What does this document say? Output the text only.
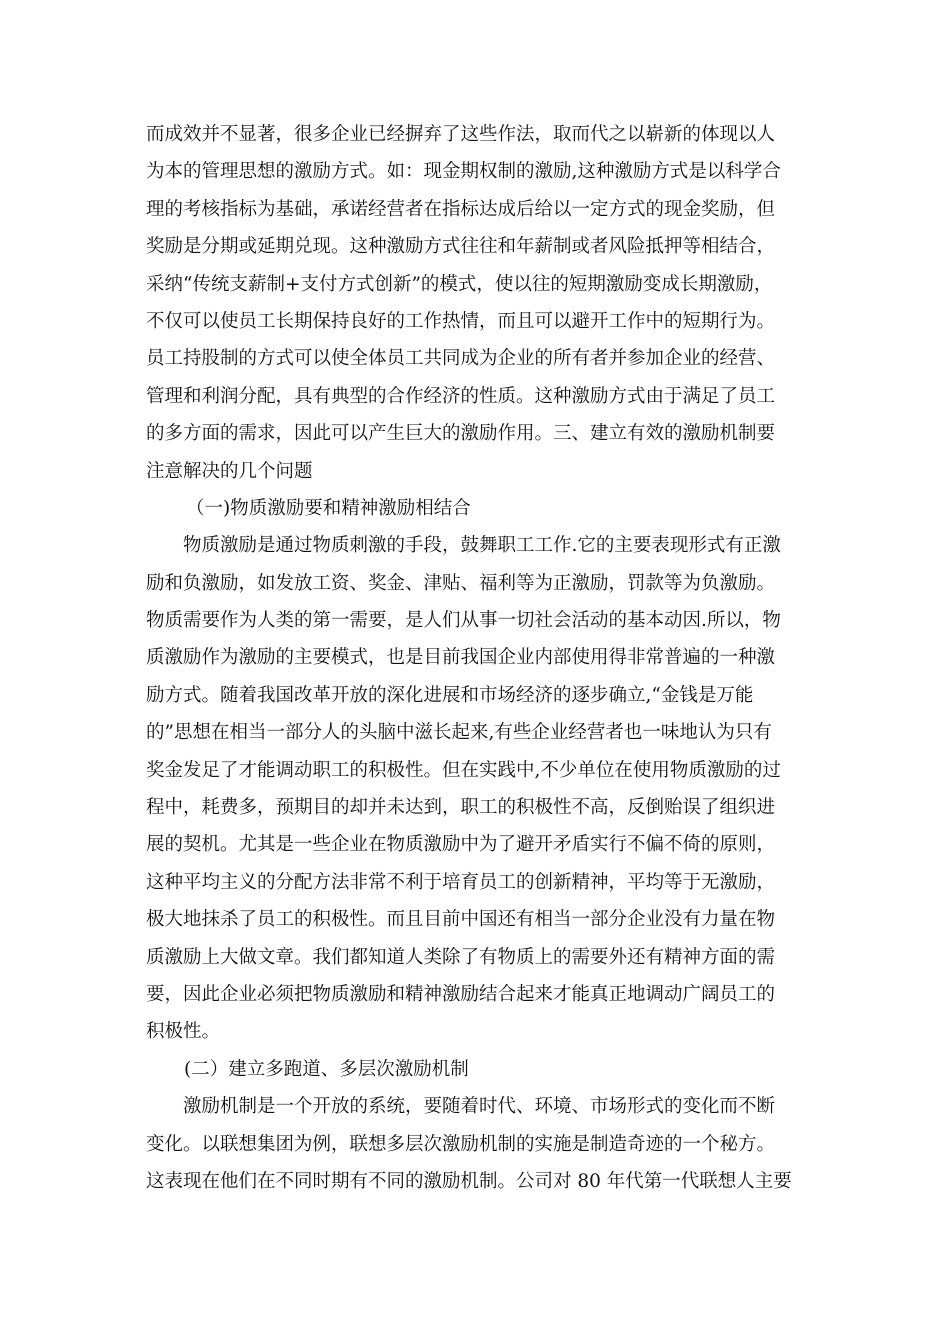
而成效并不显著，很多企业已经摒弃了这些作法，取而代之以崭新的体现以人
为本的管理思想的激励方式。如：现金期权制的激励,这种激励方式是以科学合
理的考核指标为基础，承诺经营者在指标达成后给以一定方式的现金奖励，但
奖励是分期或延期兑现。这种激励方式往往和年薪制或者风险抵押等相结合，
采纳“传统支薪制+支付方式创新”的模式，使以往的短期激励变成长期激励，
不仅可以使员工长期保持良好的工作热情，而且可以避开工作中的短期行为。
员工持股制的方式可以使全体员工共同成为企业的所有者并参加企业的经营、
管理和利润分配，具有典型的合作经济的性质。这种激励方式由于满足了员工
的多方面的需求，因此可以产生巨大的激励作用。三、建立有效的激励机制要
注意解决的几个问题
（一)物质激励要和精神激励相结合
物质激励是通过物质刺激的手段，鼓舞职工工作.它的主要表现形式有正激
励和负激励，如发放工资、奖金、津贴、福利等为正激励，罚款等为负激励。
物质需要作为人类的第一需要，是人们从事一切社会活动的基本动因.所以，物
质激励作为激励的主要模式，也是目前我国企业内部使用得非常普遍的一种激
励方式。随着我国改革开放的深化进展和市场经济的逐步确立,“金钱是万能
的”思想在相当一部分人的头脑中滋长起来,有些企业经营者也一味地认为只有
奖金发足了才能调动职工的积极性。但在实践中,不少单位在使用物质激励的过
程中，耗费多，预期目的却并未达到，职工的积极性不高，反倒贻误了组织进
展的契机。尤其是一些企业在物质激励中为了避开矛盾实行不偏不倚的原则，
这种平均主义的分配方法非常不利于培育员工的创新精神，平均等于无激励，
极大地抹杀了员工的积极性。而且目前中国还有相当一部分企业没有力量在物
质激励上大做文章。我们都知道人类除了有物质上的需要外还有精神方面的需
要，因此企业必须把物质激励和精神激励结合起来才能真正地调动广阔员工的
积极性。
(二）建立多跑道、多层次激励机制
激励机制是一个开放的系统，要随着时代、环境、市场形式的变化而不断
变化。以联想集团为例，联想多层次激励机制的实施是制造奇迹的一个秘方。
这表现在他们在不同时期有不同的激励机制。公司对 80 年代第一代联想人主要
